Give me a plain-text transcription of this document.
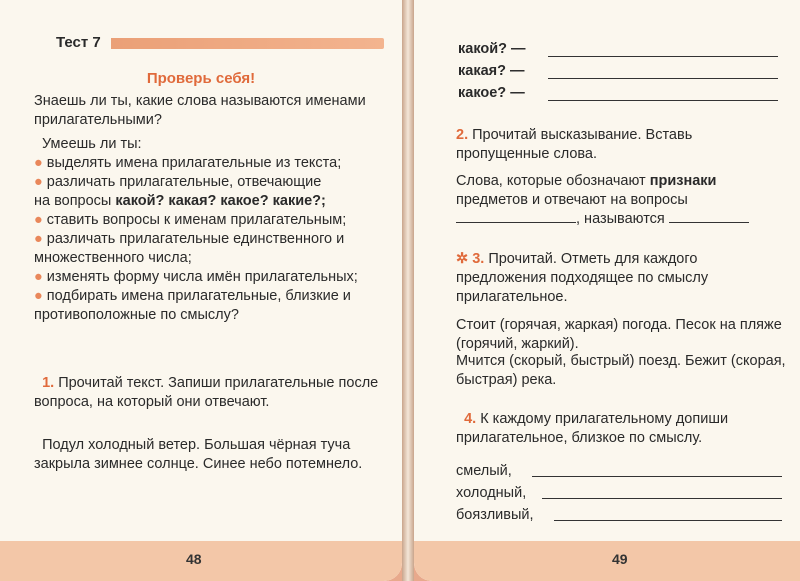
Тест 7
Проверь себя!
Знаешь ли ты, какие слова называются именами прилагательными?
Умеешь ли ты:
● выделять имена прилагательные из текста;
● различать прилагательные, отвечающие
на вопросы какой? какая? какое? какие?;
● ставить вопросы к именам прилагательным;
● различать прилагательные единственного и множественного числа;
● изменять форму числа имён прилагательных;
● подбирать имена прилагательные, близкие и противоположные по смыслу?
1. Прочитай текст. Запиши прилагательные после вопроса, на который они отвечают.
Подул холодный ветер. Большая чёрная туча закрыла зимнее солнце. Синее небо потемнело.
48
какой? —
какая? —
какое? —
2. Прочитай высказывание. Вставь пропущенные слова.
Слова, которые обозначают признаки
предметов и отвечают на вопросы
, называются
✲ 3. Прочитай. Отметь для каждого предложения подходящее по смыслу прилагательное.
Стоит (горячая, жаркая) погода. Песок на пляже (горячий, жаркий).
Мчится (скорый, быстрый) поезд. Бежит (скорая, быстрая) река.
4. К каждому прилагательному допиши прилагательное, близкое по смыслу.
смелый,
холодный,
боязливый,
49
